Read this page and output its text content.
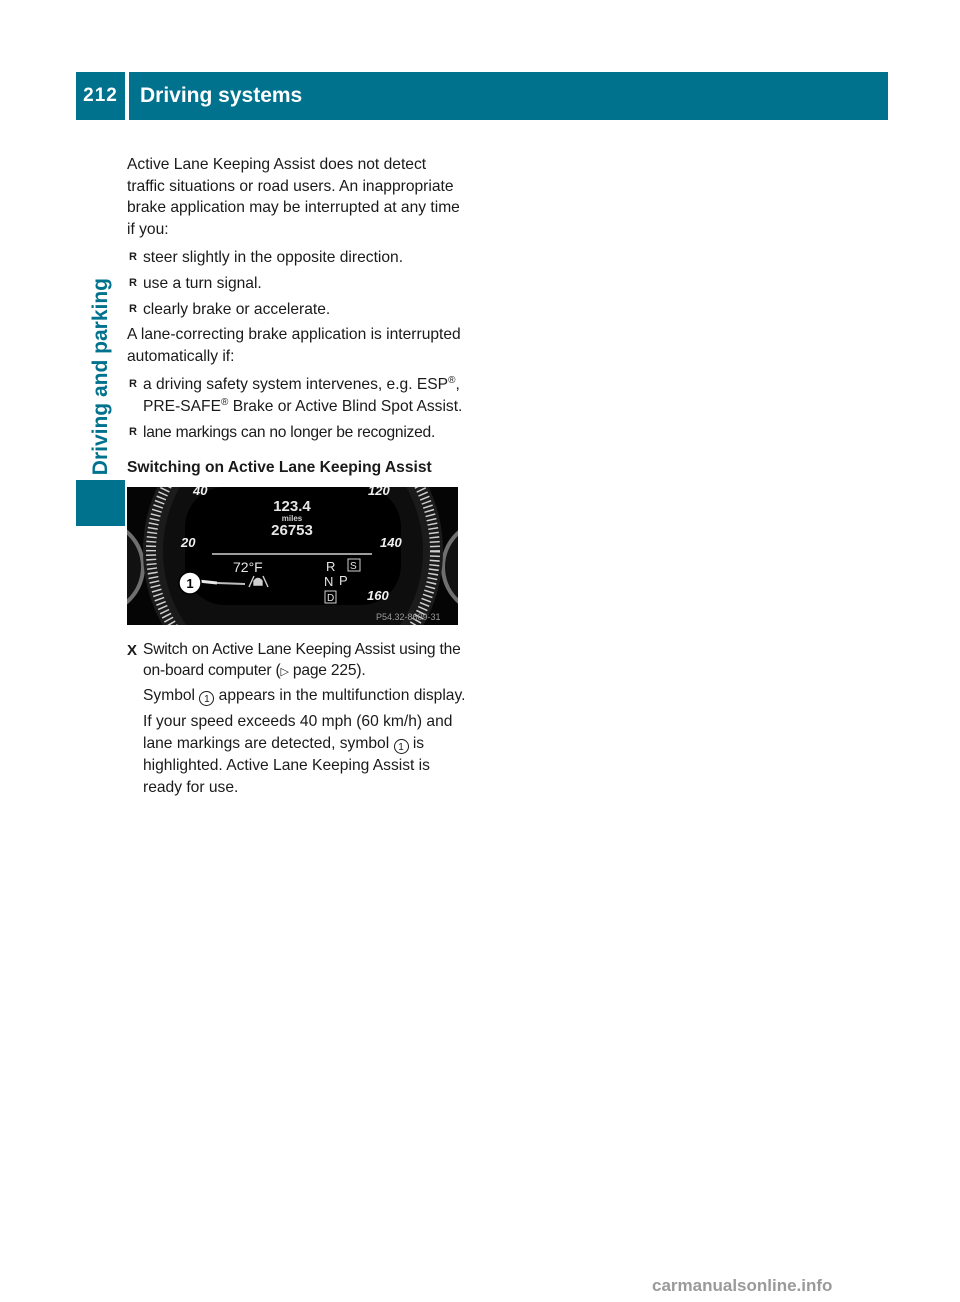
212	Driving systems
Driving and parking

Active Lane Keeping Assist does not detect traffic situations or road users. An inappropriate brake application may be interrupted at any time if you:

R steer slightly in the opposite direction.

R use a turn signal.

R clearly brake or accelerate.

A lane-correcting brake application is interrupted automatically if:

R a driving safety system intervenes, e.g. ESP®, PRE-SAFE® Brake or Active Blind Spot Assist.

R lane markings can no longer be recognized.

Switching on Active Lane Keeping Assist

123.4
miles
26753
72°F	R S
N P
D
40
20
120
140
160
1
P54.32-8609-31
X Switch on Active Lane Keeping Assist using the on-board computer (▷ page 225).

Symbol 1 appears in the multifunction display.

If your speed exceeds 40 mph (60 km/h) and lane markings are detected, symbol 1 is highlighted. Active Lane Keeping Assist is ready for use.

carmanualsonline.info
